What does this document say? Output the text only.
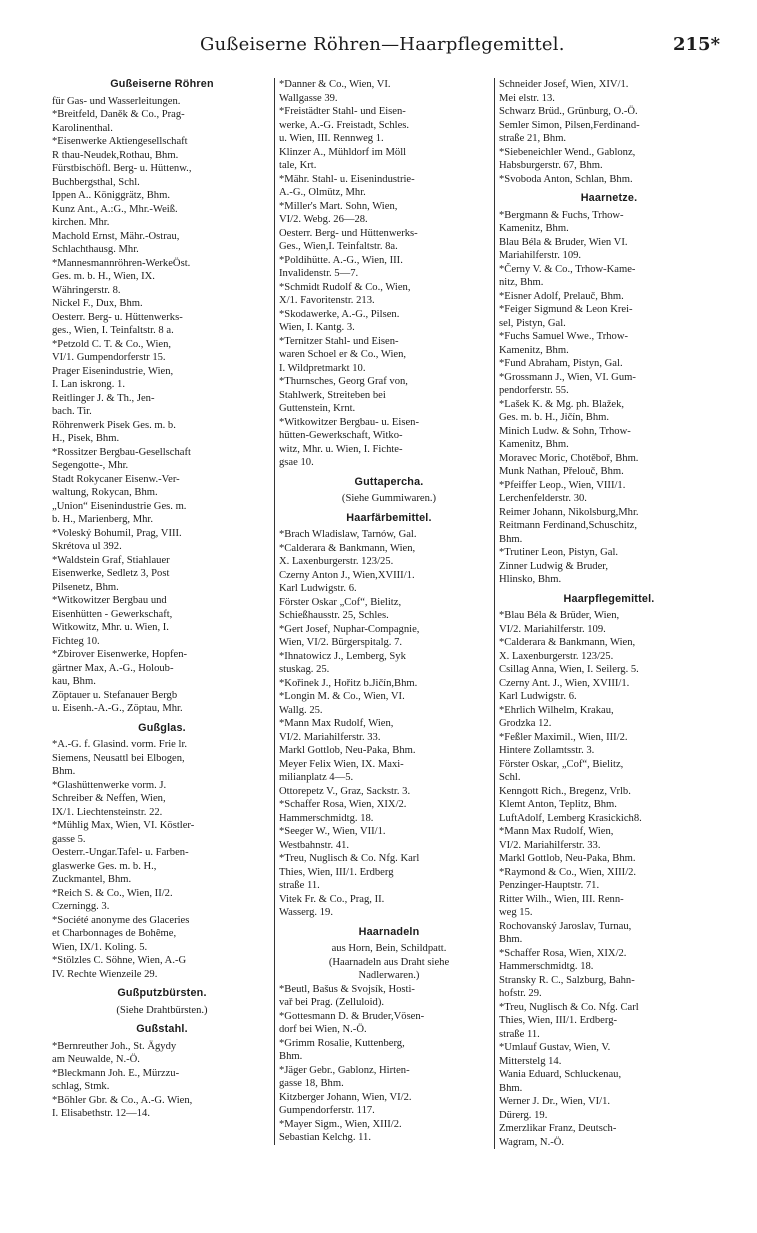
Gußeiserne Röhren—Haarpflegemittel.	215*
Gußeiserne Röhren
für Gas- und Wasserleitungen.
*Breitfeld, Daněk & Co., Prag-
Karolinenthal.
*Eisenwerke Aktiengesellschaft
R thau-Neudek,Rothau, Bhm.
Fürstbischöfl. Berg- u. Hüttenw.,
Buchbergsthal, Schl.
Ippen A.. Königgrätz, Bhm.
Kunz Ant., A.:G., Mhr.-Weiß.
kirchen. Mhr.
Machold Ernst, Mähr.-Ostrau,
Schlachthausg. Mhr.
*Mannesmannröhren-WerkeÖst.
Ges. m. b. H., Wien, IX.
Währingerstr. 8.
Nickel F., Dux, Bhm.
Oesterr. Berg- u. Hüttenwerks-
ges., Wien, I. Teinfaltstr. 8 a.
*Petzold C. T. & Co., Wien,
VI/1. Gumpendorferstr 15.
Prager Eisenindustrie, Wien,
I. Lan iskrong. 1.
Reitlinger J. & Th., Jen-
bach. Tir.
Röhrenwerk Pisek Ges. m. b.
H., Pisek, Bhm.
*Rossitzer Bergbau-Gesellschaft
Segengotte-, Mhr.
Stadt Rokycaner Eisenw.-Ver-
waltung, Rokycan, Bhm.
„Union“ Eisenindustrie Ges. m.
b. H., Marienberg, Mhr.
*Voleský Bohumil, Prag, VIII.
Skrétova ul 392.
*Waldstein Graf, Stiahlauer
Eisenwerke, Sedletz 3, Post
Pilsenetz, Bhm.
*Witkowitzer Bergbau und
Eisenhütten - Gewerkschaft,
Witkowitz, Mhr. u. Wien, I.
Fichteg 10.
*Zbirover Eisenwerke, Hopfen-
gärtner Max, A.-G., Holoub-
kau, Bhm.
Zöptauer u. Stefanauer Bergb
u. Eisenh.-A.-G., Zöptau, Mhr.
Gußglas.
*A.-G. f. Glasind. vorm. Frie lr.
Siemens, Neusattl bei Elbogen,
Bhm.
*Glashüttenwerke vorm. J.
Schreiber & Neffen, Wien,
IX/1. Liechtensteinstr. 22.
*Mühlig Max, Wien, VI. Köstler-
gasse 5.
Oesterr.-Ungar.Tafel- u. Farben-
glaswerke Ges. m. b. H.,
Zuckmantel, Bhm.
*Reich S. & Co., Wien, II/2.
Czerningg. 3.
*Société anonyme des Glaceries
et Charbonnages de Bohême,
Wien, IX/1. Koling. 5.
*Stölzles C. Söhne, Wien, A.-G
IV. Rechte Wienzeile 29.
Gußputzbürsten.
(Siehe Drahtbürsten.)
Gußstahl.
*Bernreuther Joh., St. Ägydy
am Neuwalde, N.-Ö.
*Bleckmann Joh. E., Mürzzu-
schlag, Stmk.
*Böhler Gbr. & Co., A.-G. Wien,
I. Elisabethstr. 12—14.
*Danner & Co., Wien, VI.
Wallgasse 39.
*Freistädter Stahl- und Eisen-
werke, A.-G. Freistadt, Schles.
u. Wien, III. Rennweg 1.
Klinzer A., Mühldorf im Möll
tale, Krt.
*Mähr. Stahl- u. Eisenindustrie-
A.-G., Olmütz, Mhr.
*Miller's Mart. Sohn, Wien,
VI/2. Webg. 26—28.
Oesterr. Berg- und Hüttenwerks-
Ges., Wien,I. Teinfaltstr. 8a.
*Poldihütte. A.-G., Wien, III.
Invalidenstr. 5—7.
*Schmidt Rudolf & Co., Wien,
X/1. Favoritenstr. 213.
*Skodawerke, A.-G., Pilsen.
Wien, I. Kantg. 3.
*Ternitzer Stahl- und Eisen-
waren Schoel er & Co., Wien,
I. Wildpretmarkt 10.
*Thurnsches, Georg Graf von,
Stahlwerk, Streiteben bei
Guttenstein, Krnt.
*Witkowitzer Bergbau- u. Eisen-
hütten-Gewerkschaft, Witko-
witz, Mhr. u. Wien, I. Fichte-
gsae 10.
Guttapercha.
(Siehe Gummiwaren.)
Haarfärbemittel.
*Brach Wladislaw, Tarnów, Gal.
*Calderara & Bankmann, Wien,
X. Laxenburgerstr. 123/25.
Czerny Anton J., Wien,XVIII/1.
Karl Ludwigstr. 6.
Förster Oskar „Cof“, Bielitz,
Schießhausstr. 25, Schles.
*Gert Josef, Nuphar-Compagnie,
Wien, VI/2. Bürgerspitalg. 7.
*Ihnatowicz J., Lemberg, Syk
stuskag. 25.
*Kořinek J., Hořitz b.Jičín,Bhm.
*Longin M. & Co., Wien, VI.
Wallg. 25.
*Mann Max Rudolf, Wien,
VI/2. Mariahilferstr. 33.
Markl Gottlob, Neu-Paka, Bhm.
Meyer Felix Wien, IX. Maxi-
milianplatz 4—5.
Ottorepetz V., Graz, Sackstr. 3.
*Schaffer Rosa, Wien, XIX/2.
Hammerschmidtg. 18.
*Seeger W., Wien, VII/1.
Westbahnstr. 41.
*Treu, Nuglisch & Co. Nfg. Karl
Thies, Wien, III/1. Erdberg
straße 11.
Vitek Fr. & Co., Prag, II.
Wasserg. 19.
Haarnadeln
aus Horn, Bein, Schildpatt.
(Haarnadeln aus Draht siehe
Nadlerwaren.)
*Beutl, Bašus & Svojsík, Hosti-
vař bei Prag. (Zelluloid).
*Gottesmann D. & Bruder,Vösen-
dorf bei Wien, N.-Ö.
*Grimm Rosalie, Kuttenberg,
Bhm.
*Jäger Gebr., Gablonz, Hirten-
gasse 18, Bhm.
Kitzberger Johann, Wien, VI/2.
Gumpendorferstr. 117.
*Mayer Sigm., Wien, XIII/2.
Sebastian Kelchg. 11.
Schneider Josef, Wien, XIV/1.
Mei elstr. 13.
Schwarz Brüd., Grünburg, O.-Ö.
Semler Simon, Pilsen,Ferdinand-
straße 21, Bhm.
*Siebeneichler Wend., Gablonz,
Habsburgerstr. 67, Bhm.
*Svoboda Anton, Schlan, Bhm.
Haarnetze.
*Bergmann & Fuchs, Trhow-
Kamenitz, Bhm.
Blau Béla & Bruder, Wien VI.
Mariahilferstr. 109.
*Černy V. & Co., Trhow-Kame-
nitz, Bhm.
*Eisner Adolf, Prelauč, Bhm.
*Feiger Sigmund & Leon Krei-
sel, Pistyn, Gal.
*Fuchs Samuel Wwe., Trhow-
Kamenitz, Bhm.
*Fund Abraham, Pistyn, Gal.
*Grossmann J., Wien, VI. Gum-
pendorferstr. 55.
*Lašek K. & Mg. ph. Blažek,
Ges. m. b. H., Jičín, Bhm.
Minich Ludw. & Sohn, Trhow-
Kamenitz, Bhm.
Moravec Moric, Chotěboř, Bhm.
Munk Nathan, Přelouč, Bhm.
*Pfeiffer Leop., Wien, VIII/1.
Lerchenfelderstr. 30.
Reimer Johann, Nikolsburg,Mhr.
Reitmann Ferdinand,Schuschitz,
Bhm.
*Trutiner Leon, Pistyn, Gal.
Zinner Ludwig & Bruder,
Hlinsko, Bhm.
Haarpflegemittel.
*Blau Béla & Brüder, Wien,
VI/2. Mariahilferstr. 109.
*Calderara & Bankmann, Wien,
X. Laxenburgerstr. 123/25.
Csillag Anna, Wien, I. Seilerg. 5.
Czerny Ant. J., Wien, XVIII/1.
Karl Ludwigstr. 6.
*Ehrlich Wilhelm, Krakau,
Grodzka 12.
*Feßler Maximil., Wien, III/2.
Hintere Zollamtsstr. 3.
Förster Oskar, „Cof“, Bielitz,
Schl.
Kenngott Rich., Bregenz, Vrlb.
Klemt Anton, Teplitz, Bhm.
LuftAdolf, Lemberg Krasickich8.
*Mann Max Rudolf, Wien,
VI/2. Mariahilferstr. 33.
Markl Gottlob, Neu-Paka, Bhm.
*Raymond & Co., Wien, XIII/2.
Penzinger-Hauptstr. 71.
Ritter Wilh., Wien, III. Renn-
weg 15.
Rochovanský Jaroslav, Turnau,
Bhm.
*Schaffer Rosa, Wien, XIX/2.
Hammerschmidtg. 18.
Stransky R. C., Salzburg, Bahn-
hofstr. 29.
*Treu, Nuglisch & Co. Nfg. Carl
Thies, Wien, III/1. Erdberg-
straße 11.
*Umlauf Gustav, Wien, V.
Mitterstelg 14.
Wania Eduard, Schluckenau,
Bhm.
Werner J. Dr., Wien, VI/1.
Dürerg. 19.
Zmerzlikar Franz, Deutsch-
Wagram, N.-Ö.
